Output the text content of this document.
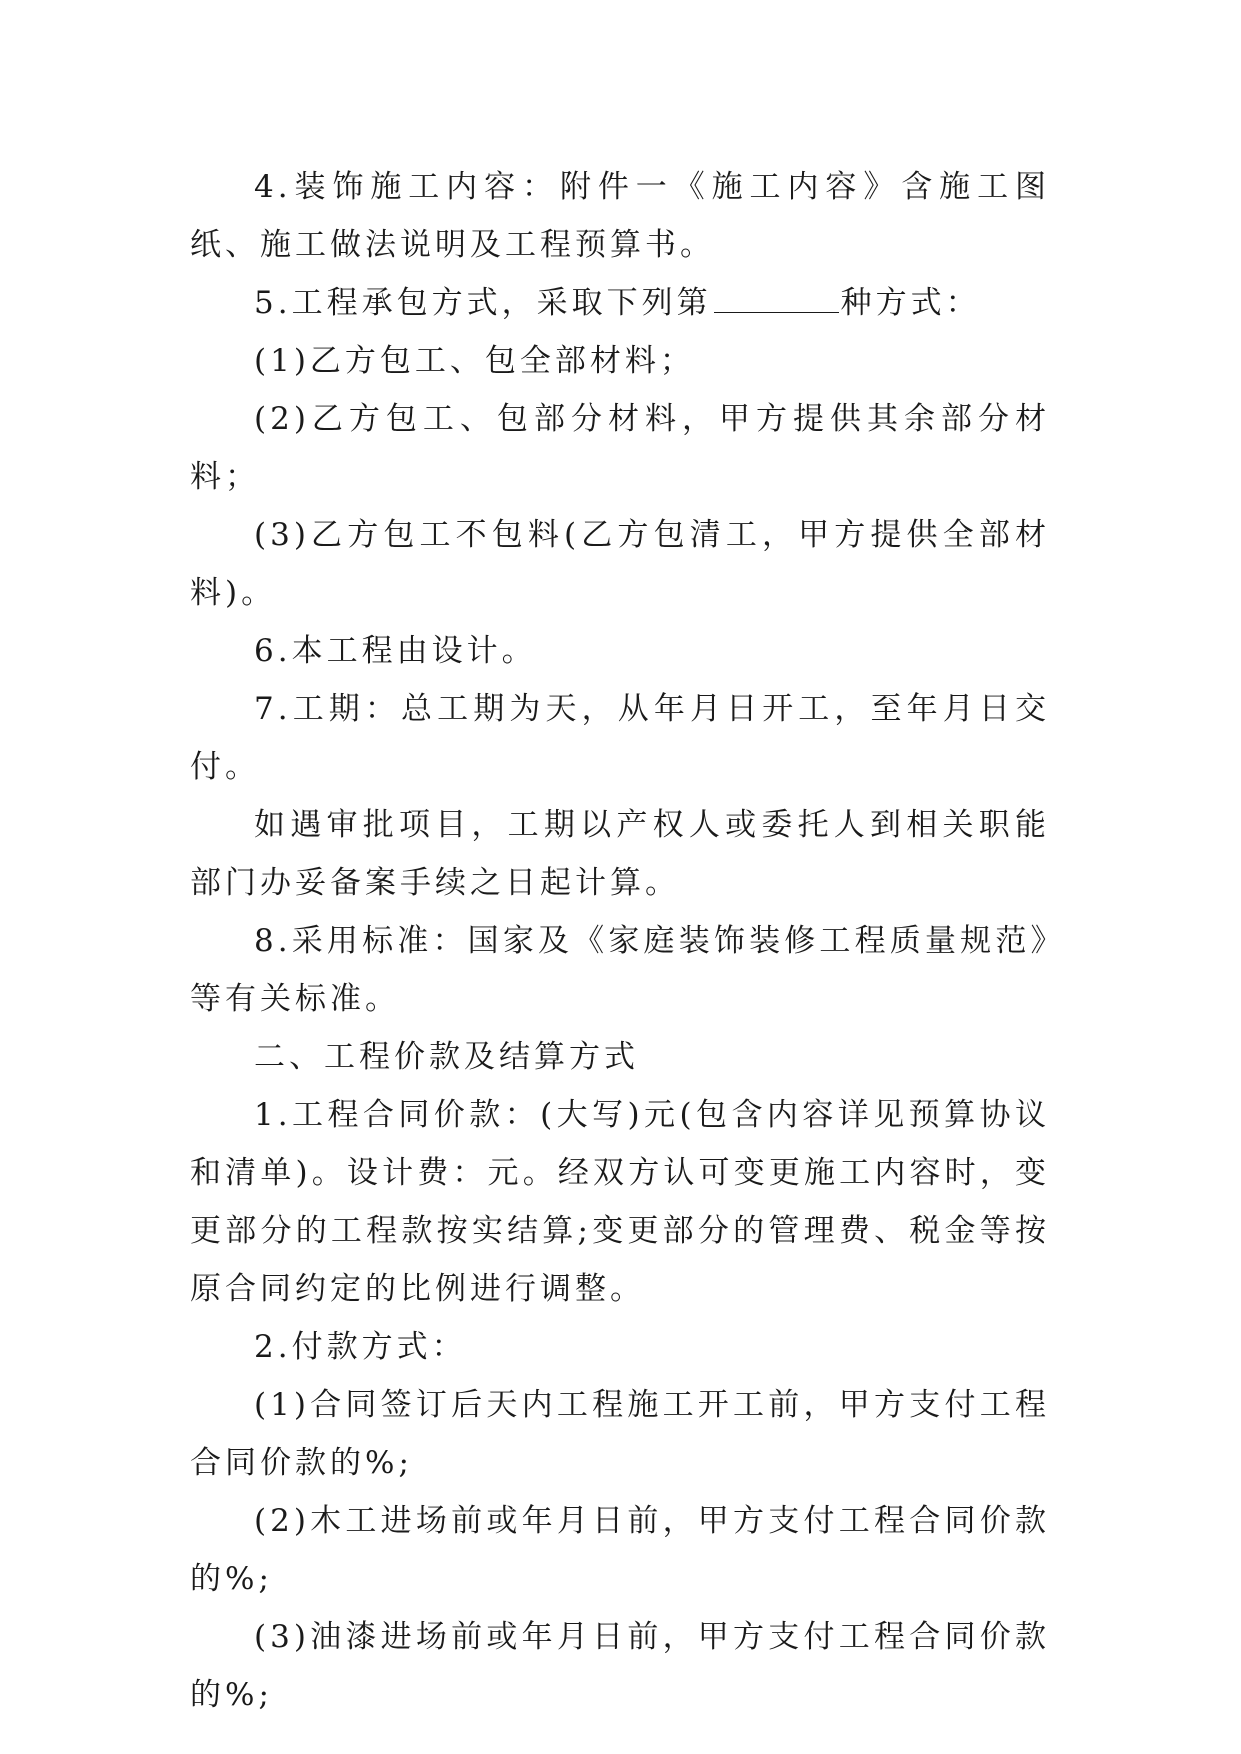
4.装饰施工内容：附件一《施工内容》含施工图纸、施工做法说明及工程预算书。

5.工程承包方式，采取下列第	种方式：

(1)乙方包工、包全部材料；

(2)乙方包工、包部分材料，甲方提供其余部分材料；

(3)乙方包工不包料(乙方包清工，甲方提供全部材料)。

6.本工程由设计。

7.工期：总工期为天，从年月日开工，至年月日交付。

如遇审批项目，工期以产权人或委托人到相关职能部门办妥备案手续之日起计算。

8.采用标准：国家及《家庭装饰装修工程质量规范》等有关标准。

二、工程价款及结算方式

1.工程合同价款：(大写)元(包含内容详见预算协议和清单)。设计费：元。经双方认可变更施工内容时，变更部分的工程款按实结算;变更部分的管理费、税金等按原合同约定的比例进行调整。

2.付款方式：

(1)合同签订后天内工程施工开工前，甲方支付工程合同价款的%;

(2)木工进场前或年月日前，甲方支付工程合同价款的%;

(3)油漆进场前或年月日前，甲方支付工程合同价款的%;
